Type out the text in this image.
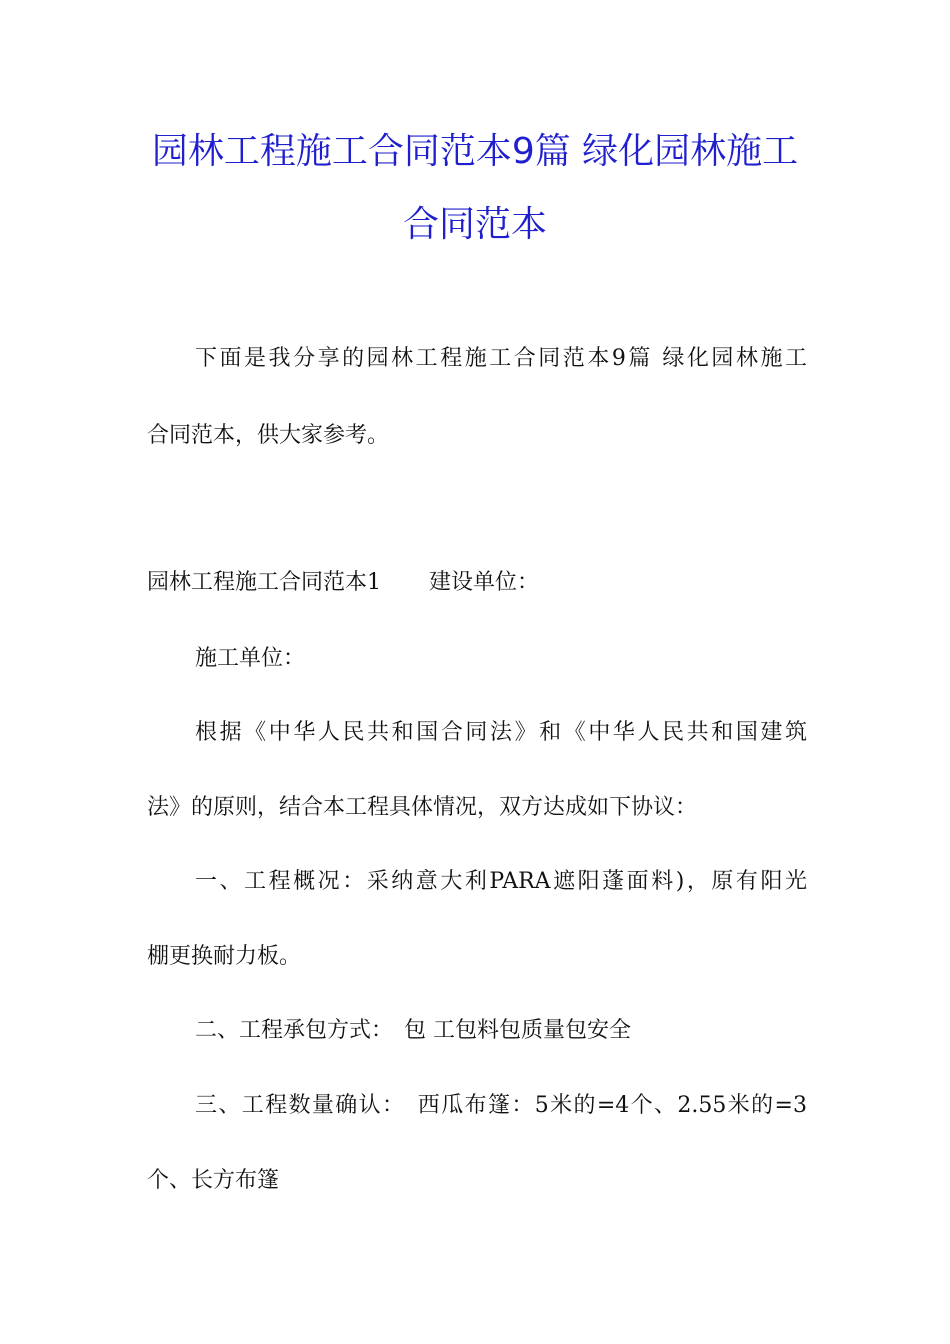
园林工程施工合同范本9篇 绿化园林施工
合同范本
下面是我分享的园林工程施工合同范本9篇 绿化园林施工
合同范本，供大家参考。
园林工程施工合同范本1 建设单位：
施工单位：
根据《中华人民共和国合同法》和《中华人民共和国建筑
法》的原则，结合本工程具体情况，双方达成如下协议：
一、工程概况：采纳意大利PARA遮阳蓬面料)，原有阳光
棚更换耐力板。
二、工程承包方式：　包 工包料包质量包安全
三、工程数量确认：　西瓜布篷：5米的=4个、2.55米的=3
个、长方布篷
